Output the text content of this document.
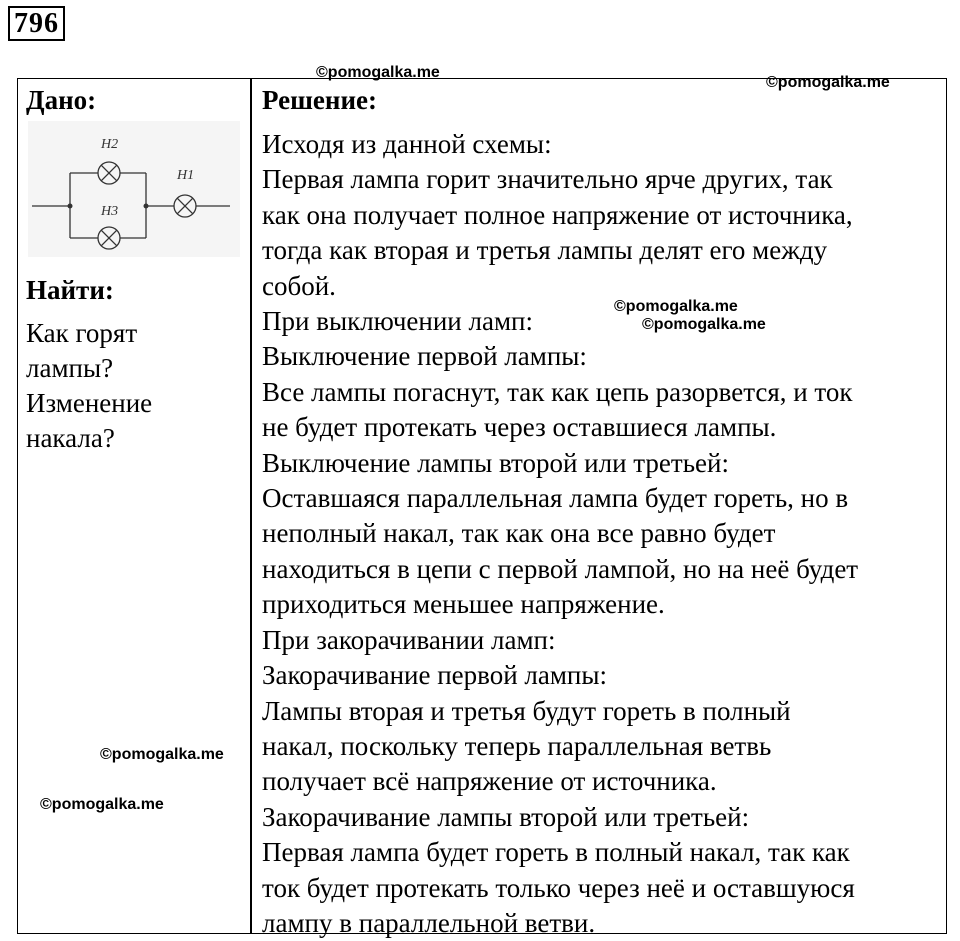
796
Дано:
Найти:
Как горят
лампы?
Изменение
накала?
H2
H3
H1
Решение:
Исходя из данной схемы:
Первая лампа горит значительно ярче других, так
как она получает полное напряжение от источника,
тогда как вторая и третья лампы делят его между
собой.
При выключении ламп:
Выключение первой лампы:
Все лампы погаснут, так как цепь разорвется, и ток
не будет протекать через оставшиеся лампы.
Выключение лампы второй или третьей:
Оставшаяся параллельная лампа будет гореть, но в
неполный накал, так как она все равно будет
находиться в цепи с первой лампой, но на неё будет
приходиться меньшее напряжение.
При закорачивании ламп:
Закорачивание первой лампы:
Лампы вторая и третья будут гореть в полный
накал, поскольку теперь параллельная ветвь
получает всё напряжение от источника.
Закорачивание лампы второй или третьей:
Первая лампа будет гореть в полный накал, так как
ток будет протекать только через неё и оставшуюся
лампу в параллельной ветви.
©pomogalka.me
©pomogalka.me
©pomogalka.me
©pomogalka.me
©pomogalka.me
©pomogalka.me
